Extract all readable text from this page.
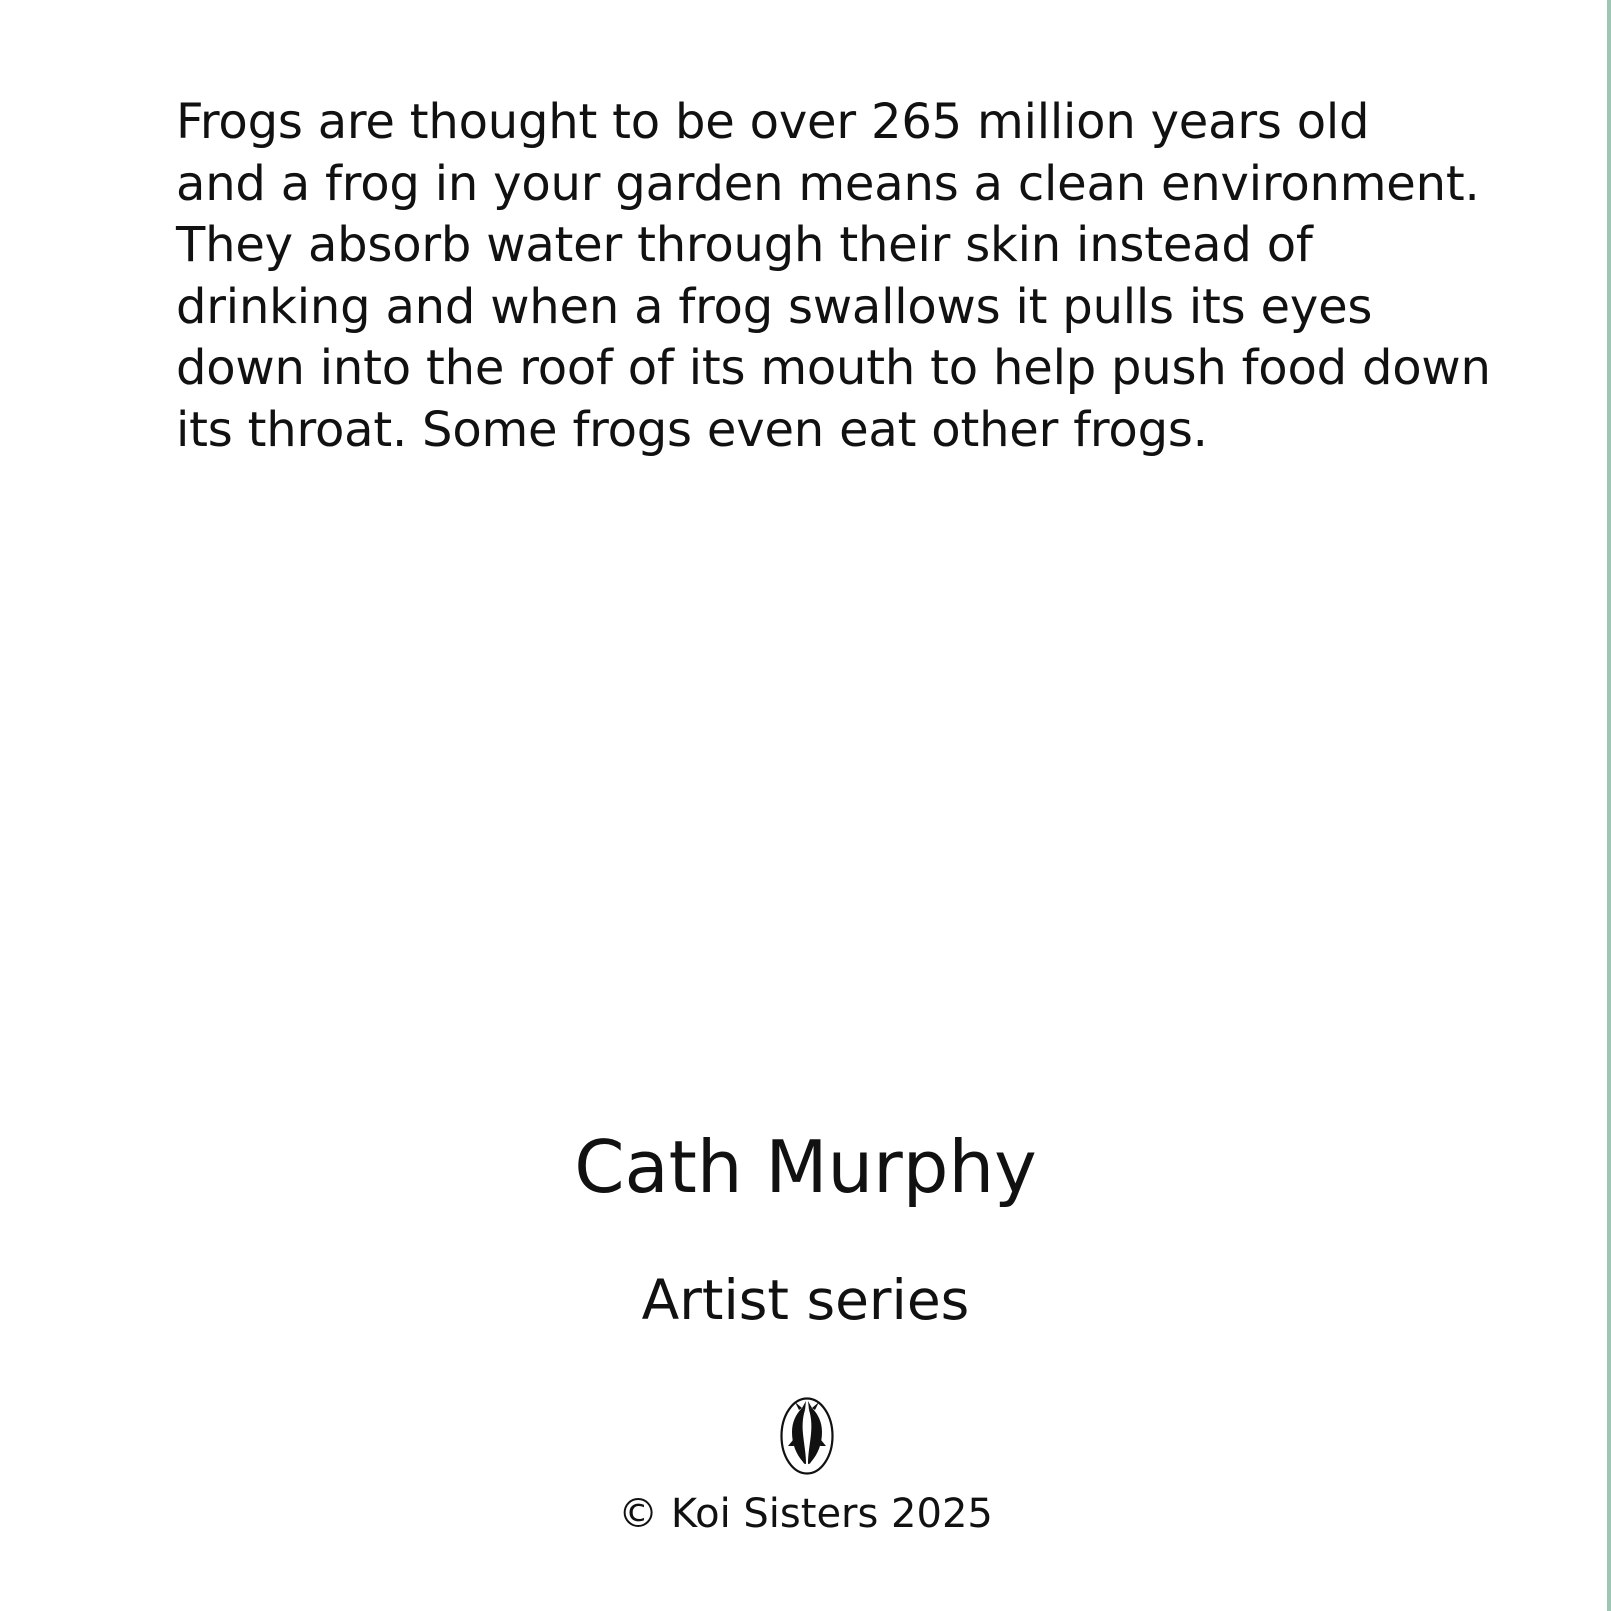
Frogs are thought to be over 265 million years old
and a frog in your garden means a clean environment.
They absorb water through their skin instead of
drinking and when a frog swallows it pulls its eyes
down into the roof of its mouth to help push food down
its throat. Some frogs even eat other frogs.

Cath Murphy

Artist series

© Koi Sisters 2025
